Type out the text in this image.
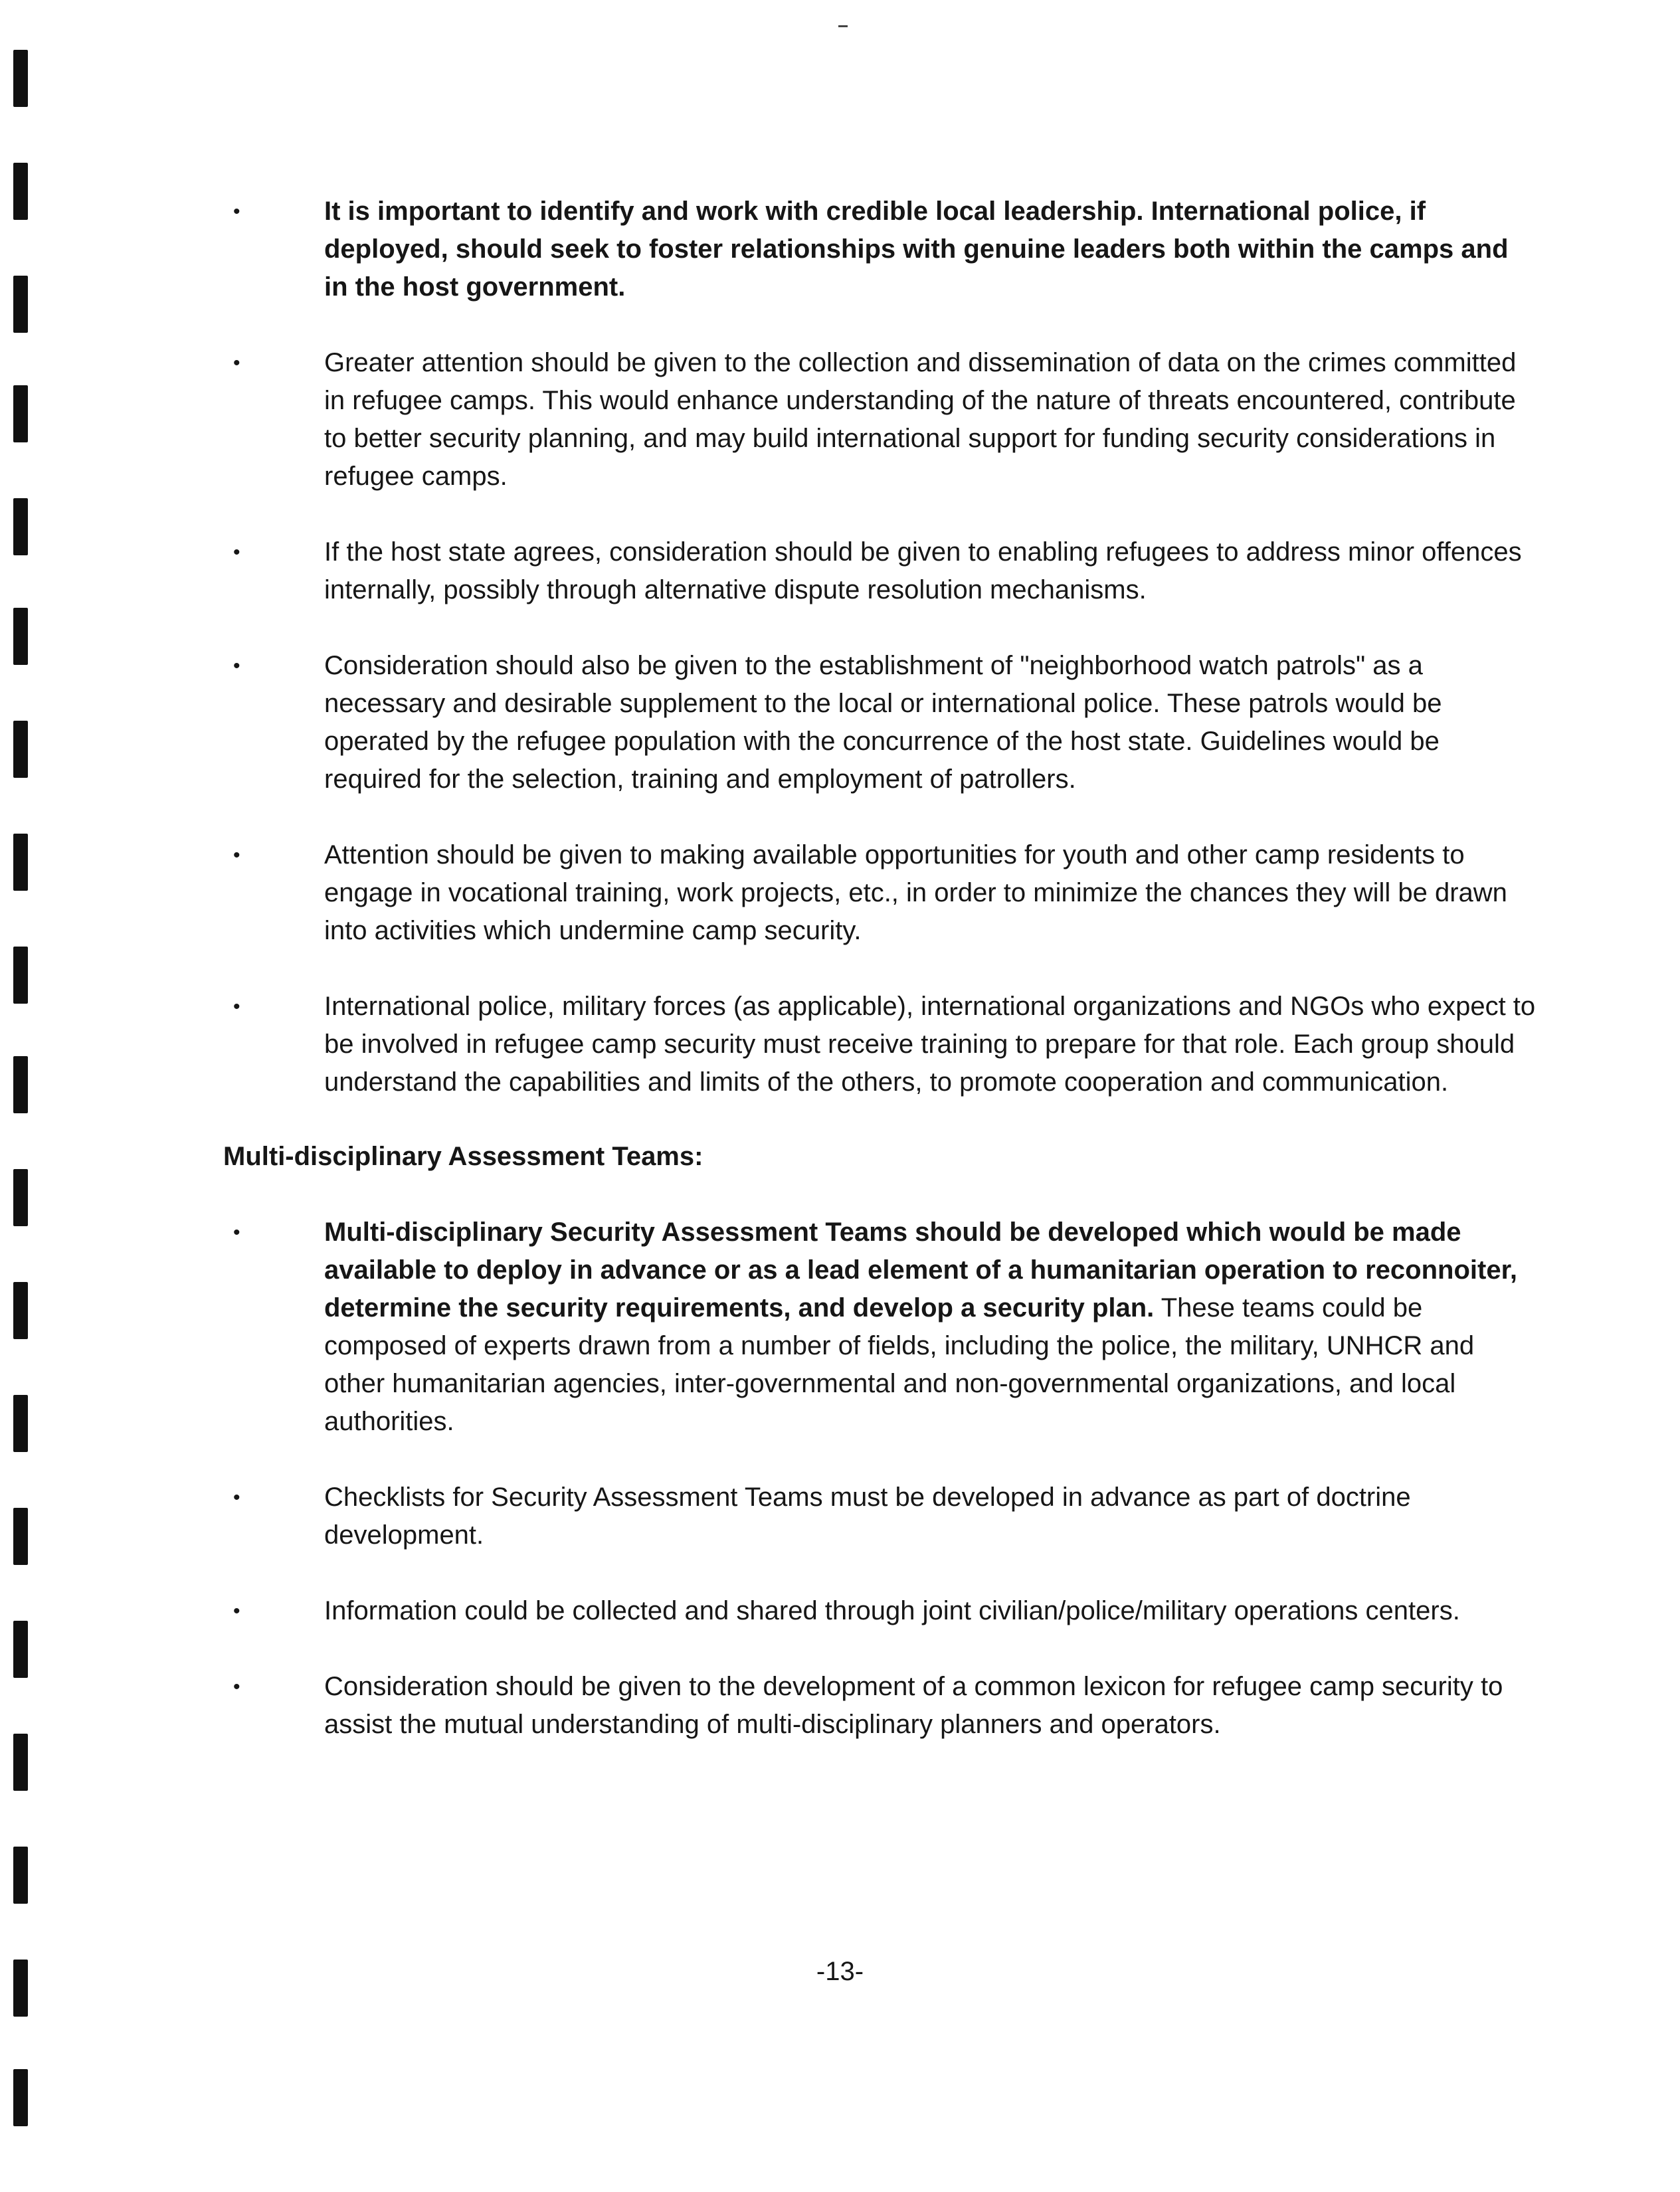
•	It is important to identify and work with credible local leadership. International police, if deployed, should seek to foster relationships with genuine leaders both within the camps and in the host government.
•	Greater attention should be given to the collection and dissemination of data on the crimes committed in refugee camps. This would enhance understanding of the nature of threats encountered, contribute to better security planning, and may build international support for funding security considerations in refugee camps.
•	If the host state agrees, consideration should be given to enabling refugees to address minor offences internally, possibly through alternative dispute resolution mechanisms.
•	Consideration should also be given to the establishment of "neighborhood watch patrols" as a necessary and desirable supplement to the local or international police. These patrols would be operated by the refugee population with the concurrence of the host state. Guidelines would be required for the selection, training and employment of patrollers.
•	Attention should be given to making available opportunities for youth and other camp residents to engage in vocational training, work projects, etc., in order to minimize the chances they will be drawn into activities which undermine camp security.
•	International police, military forces (as applicable), international organizations and NGOs who expect to be involved in refugee camp security must receive training to prepare for that role. Each group should understand the capabilities and limits of the others, to promote cooperation and communication.
Multi-disciplinary Assessment Teams:
•	Multi-disciplinary Security Assessment Teams should be developed which would be made available to deploy in advance or as a lead element of a humanitarian operation to reconnoiter, determine the security requirements, and develop a security plan. These teams could be composed of experts drawn from a number of fields, including the police, the military, UNHCR and other humanitarian agencies, inter-governmental and non-governmental organizations, and local authorities.
•	Checklists for Security Assessment Teams must be developed in advance as part of doctrine development.
•	Information could be collected and shared through joint civilian/police/military operations centers.
•	Consideration should be given to the development of a common lexicon for refugee camp security to assist the mutual understanding of multi-disciplinary planners and operators.
-13-
